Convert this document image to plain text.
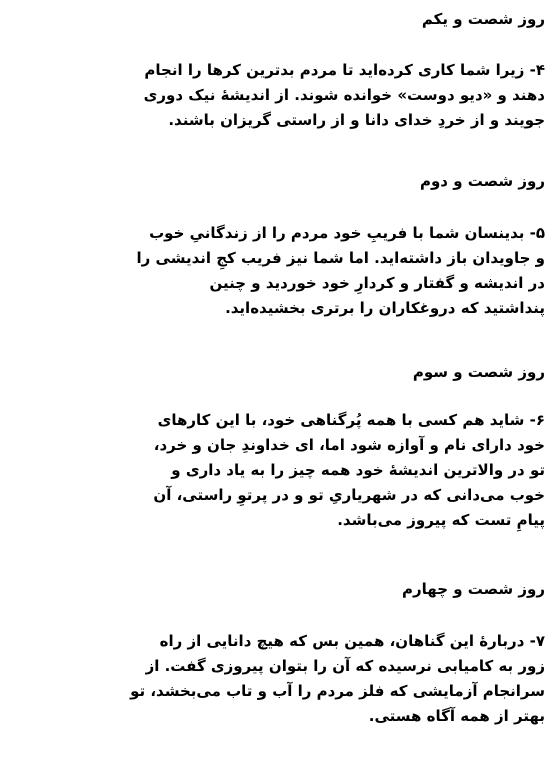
روز شصت و یکم
۴- زیرا شما کاری کرده‌اید تا مردم بدترین کرها را انجام
دهند و «دیو دوست» خوانده شوند. از اندیشهٔ نیک دوری
جویند و از خردِ خدای دانا و از راستی گریزان باشند.
روز شصت و دوم
۵- بدینسان شما با فریبِ خود مردم را از زندگانیِ خوب
و جاویدان باز داشته‌اید. اما شما نیز فریب کجِ اندیشی را
در اندیشه و گفتار و کردارِ خود خوردید و چنین
پنداشتید که دروغکاران را برتری بخشیده‌اید.
روز شصت و سوم
۶- شاید هم کسی با همه پُرگناهی خود، با این کارهای
خود دارای نام و آوازه شود اما، ای خداوندِ جان و خرد،
تو در والاترین اندیشهٔ خود همه چیز را به یاد داری و
خوب می‌دانی که در شهریاریِ تو و در پرتوِ راستی، آن
پیامِ تست که پیروز می‌باشد.
روز شصت و چهارم
۷- دربارهٔ این گناهان، همین بس که هیچ دانایی از راه
زور به کامیابی نرسیده که آن را بتوان پیروزی گفت. از
سرانجام آزمایشی که فلز مردم را آب و تاب می‌بخشد، تو
بهتر از همه آگاه هستی.
